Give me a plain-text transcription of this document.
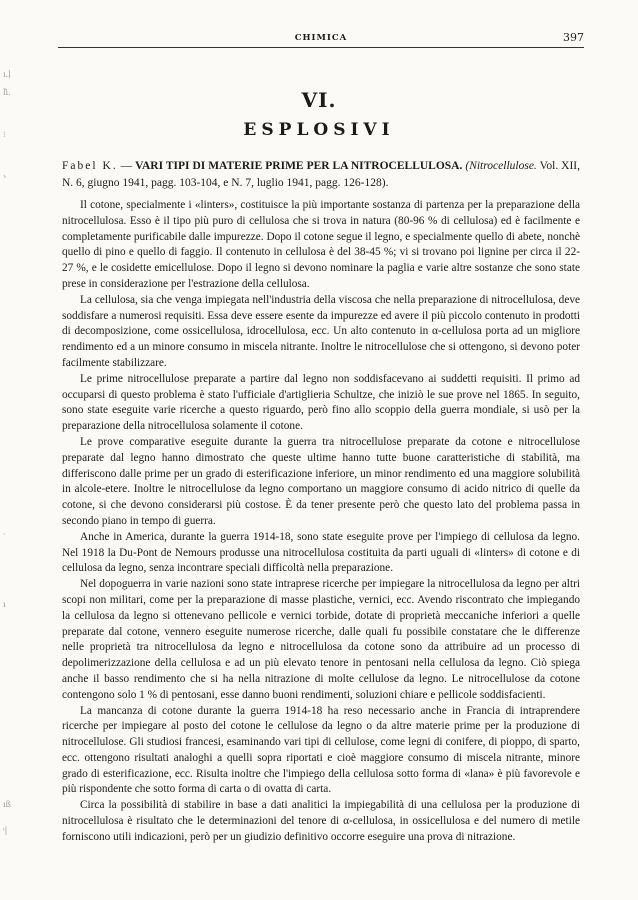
ı.ļ
ľi.
⁝
›
·
ı
ıß
ⁱ|
CHIMICA	397
VI.
ESPLOSIVI

Fabel K. — VARI TIPI DI MATERIE PRIME PER LA NITROCELLULOSA. (Nitrocellulose. Vol. XII, N. 6, giugno 1941, pagg. 103-104, e N. 7, luglio 1941, pagg. 126-128).

Il cotone, specialmente i «linters», costituisce la più importante sostanza di partenza per la preparazione della nitrocellulosa. Esso è il tipo più puro di cellulosa che si trova in natura (80-96 % di cellulosa) ed è facilmente e completamente purificabile dalle impurezze. Dopo il cotone segue il legno, e specialmente quello di abete, nonchè quello di pino e quello di faggio. Il contenuto in cellulosa è del 38-45 %; vi si trovano poi lignine per circa il 22-27 %, e le cosidette emicellulose. Dopo il legno si devono nominare la paglia e varie altre sostanze che sono state prese in considerazione per l'estrazione della cellulosa.

La cellulosa, sia che venga impiegata nell'industria della viscosa che nella preparazione di nitrocellulosa, deve soddisfare a numerosi requisiti. Essa deve essere esente da impurezze ed avere il più piccolo contenuto in prodotti di decomposizione, come ossicellulosa, idrocellulosa, ecc. Un alto contenuto in α-cellulosa porta ad un migliore rendimento ed a un minore consumo in miscela nitrante. Inoltre le nitrocellulose che si ottengono, si devono poter facilmente stabilizzare.

Le prime nitrocellulose preparate a partire dal legno non soddisfacevano ai suddetti requisiti. Il primo ad occuparsi di questo problema è stato l'ufficiale d'artiglieria Schultze, che iniziò le sue prove nel 1865. In seguito, sono state eseguite varie ricerche a questo riguardo, però fino allo scoppio della guerra mondiale, si usò per la preparazione della nitrocellulosa solamente il cotone.

Le prove comparative eseguite durante la guerra tra nitrocellulose preparate da cotone e nitrocellulose preparate dal legno hanno dimostrato che queste ultime hanno tutte buone caratteristiche di stabilità, ma differiscono dalle prime per un grado di esterificazione inferiore, un minor rendimento ed una maggiore solubilità in alcole-etere. Inoltre le nitrocellulose da legno comportano un maggiore consumo di acido nitrico di quelle da cotone, si che devono considerarsi più costose. È da tener presente però che questo lato del problema passa in secondo piano in tempo di guerra.

Anche in America, durante la guerra 1914-18, sono state eseguite prove per l'impiego di cellulosa da legno. Nel 1918 la Du-Pont de Nemours produsse una nitrocellulosa costituita da parti uguali di «linters» di cotone e di cellulosa da legno, senza incontrare speciali difficoltà nella preparazione.

Nel dopoguerra in varie nazioni sono state intraprese ricerche per impiegare la nitrocellulosa da legno per altri scopi non militari, come per la preparazione di masse plastiche, vernici, ecc. Avendo riscontrato che impiegando la cellulosa da legno si ottenevano pellicole e vernici torbide, dotate di proprietà meccaniche inferiori a quelle preparate dal cotone, vennero eseguite numerose ricerche, dalle quali fu possibile constatare che le differenze nelle proprietà tra nitrocellulosa da legno e nitrocellulosa da cotone sono da attribuire ad un processo di depolimerizzazione della cellulosa e ad un più elevato tenore in pentosani nella cellulosa da legno. Ciò spiega anche il basso rendimento che si ha nella nitrazione di molte cellulose da legno. Le nitrocellulose da cotone contengono solo 1 % di pentosani, esse danno buoni rendimenti, soluzioni chiare e pellicole soddisfacienti.

La mancanza di cotone durante la guerra 1914-18 ha reso necessario anche in Francia di intraprendere ricerche per impiegare al posto del cotone le cellulose da legno o da altre materie prime per la produzione di nitrocellulose. Gli studiosi francesi, esaminando vari tipi di cellulose, come legni di conifere, di pioppo, di sparto, ecc. ottengono risultati analoghi a quelli sopra riportati e cioè maggiore consumo di miscela nitrante, minore grado di esterificazione, ecc. Risulta inoltre che l'impiego della cellulosa sotto forma di «lana» è più favorevole e più rispondente che sotto forma di carta o di ovatta di carta.

Circa la possibilità di stabilire in base a dati analitici la impiegabilità di una cellulosa per la produzione di nitrocellulosa è risultato che le determinazioni del tenore di α-cellulosa, in ossicellulosa e del numero di metile forniscono utili indicazioni, però per un giudizio definitivo occorre eseguire una prova di nitrazione.
